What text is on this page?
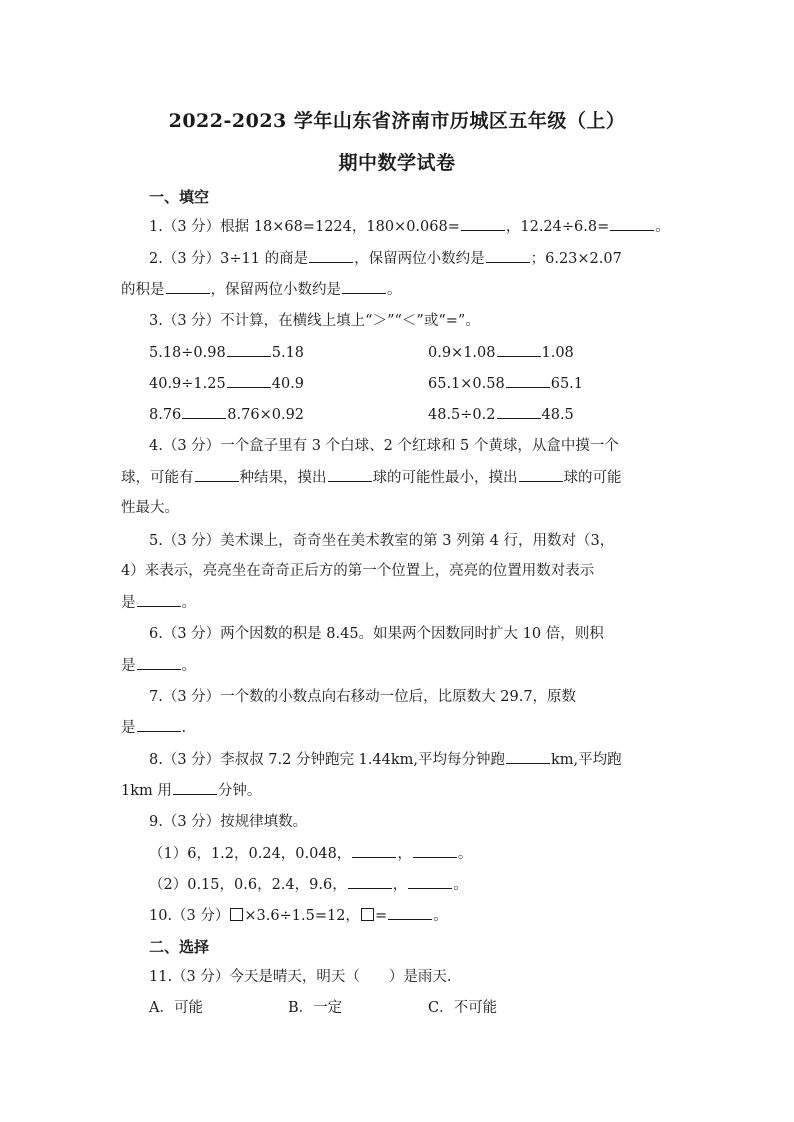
2022-2023 学年山东省济南市历城区五年级（上）
期中数学试卷
一、填空
1.（3 分）根据 18×68=1224，180×0.068=	，12.24÷6.8=	。
2.（3 分）3÷11 的商是	，保留两位小数约是	；6.23×2.07
的积是	，保留两位小数约是	。
3.（3 分）不计算，在横线上填上“＞”“＜”或“=”。
5.18÷0.98	5.18	0.9×1.08	1.08
40.9÷1.25	40.9	65.1×0.58	65.1
8.76	8.76×0.92	48.5÷0.2	48.5
4.（3 分）一个盒子里有 3 个白球、2 个红球和 5 个黄球，从盒中摸一个
球，可能有	种结果，摸出	球的可能性最小，摸出	球的可能
性最大。
5.（3 分）美术课上，奇奇坐在美术教室的第 3 列第 4 行，用数对（3，
4）来表示，亮亮坐在奇奇正后方的第一个位置上，亮亮的位置用数对表示
是	。
6.（3 分）两个因数的积是 8.45。如果两个因数同时扩大 10 倍，则积
是	。
7.（3 分）一个数的小数点向右移动一位后，比原数大 29.7，原数
是	.
8.（3 分）李叔叔 7.2 分钟跑完 1.44km,平均每分钟跑	km,平均跑
1km 用	分钟。
9.（3 分）按规律填数。
（1）6，1.2，0.24，0.048，	，	。
（2）0.15，0.6，2.4，9.6，	，	。
10.（3 分） ×3.6÷1.5=12， =	。
二、选择
11.（3 分）今天是晴天，明天（　　）是雨天.
A．可能	B．一定	C．不可能
